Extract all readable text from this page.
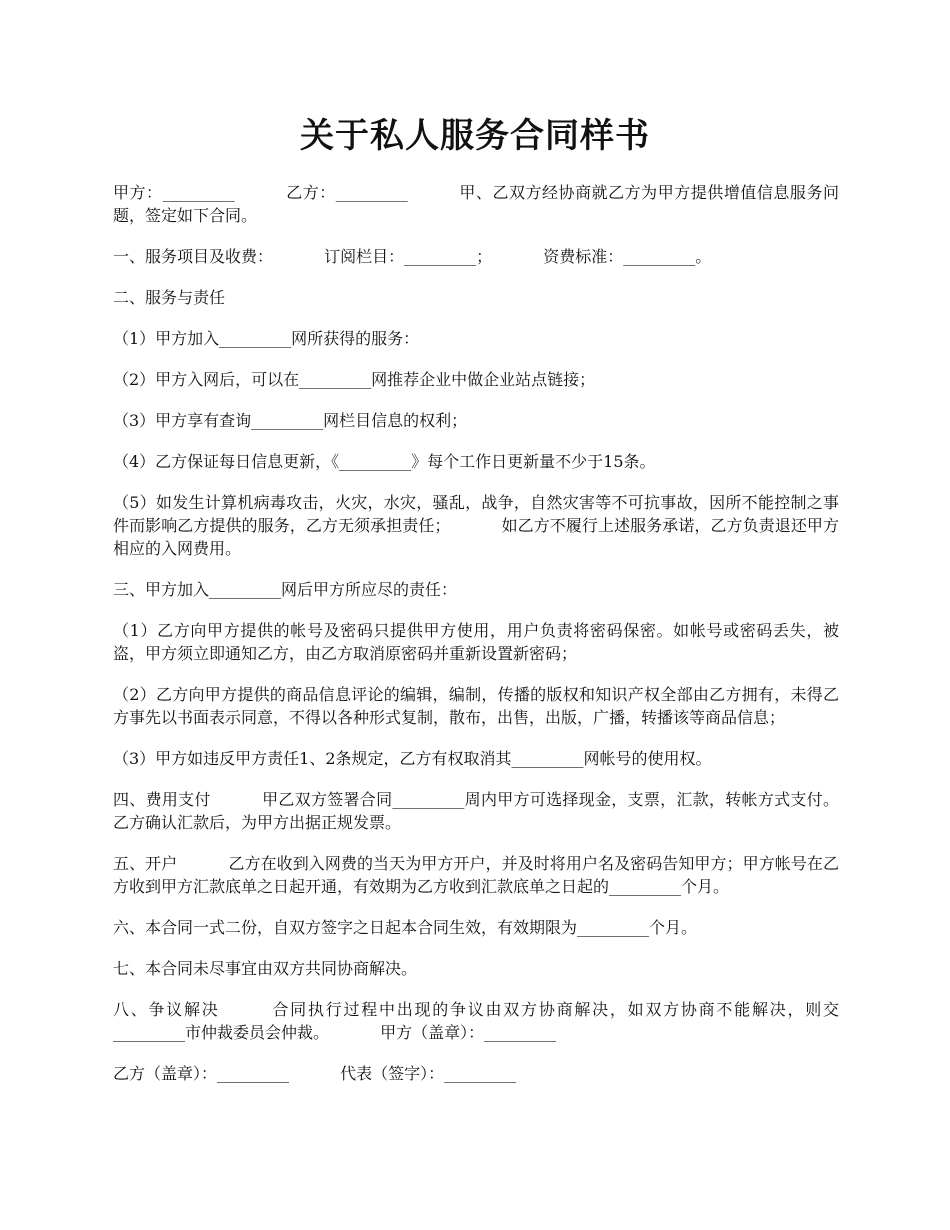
关于私人服务合同样书

甲方：_________	乙方：_________	甲、乙双方经协商就乙方为甲方提供增值信息服务问题，签定如下合同。

一、服务项目及收费：	订阅栏目：_________；	资费标准：_________。

二、服务与责任

（1）甲方加入_________网所获得的服务：

（2）甲方入网后，可以在_________网推荐企业中做企业站点链接；

（3）甲方享有查询_________网栏目信息的权利；

（4）乙方保证每日信息更新，《_________》每个工作日更新量不少于15条。

（5）如发生计算机病毒攻击，火灾，水灾，骚乱，战争，自然灾害等不可抗事故，因所不能控制之事件而影响乙方提供的服务，乙方无须承担责任；	如乙方不履行上述服务承诺，乙方负责退还甲方相应的入网费用。

三、甲方加入_________网后甲方所应尽的责任：

（1）乙方向甲方提供的帐号及密码只提供甲方使用，用户负责将密码保密。如帐号或密码丢失，被盗，甲方须立即通知乙方，由乙方取消原密码并重新设置新密码；

（2）乙方向甲方提供的商品信息评论的编辑，编制，传播的版权和知识产权全部由乙方拥有，未得乙方事先以书面表示同意，不得以各种形式复制，散布，出售，出版，广播，转播该等商品信息；

（3）甲方如违反甲方责任1、2条规定，乙方有权取消其_________网帐号的使用权。

四、费用支付	甲乙双方签署合同_________周内甲方可选择现金，支票，汇款，转帐方式支付。乙方确认汇款后，为甲方出据正规发票。

五、开户	乙方在收到入网费的当天为甲方开户，并及时将用户名及密码告知甲方；甲方帐号在乙方收到甲方汇款底单之日起开通，有效期为乙方收到汇款底单之日起的_________个月。

六、本合同一式二份，自双方签字之日起本合同生效，有效期限为_________个月。

七、本合同未尽事宜由双方共同协商解决。

八、争议解决	合同执行过程中出现的争议由双方协商解决，如双方协商不能解决，则交_________市仲裁委员会仲裁。	甲方（盖章）：_________

乙方（盖章）：_________	代表（签字）：_________
